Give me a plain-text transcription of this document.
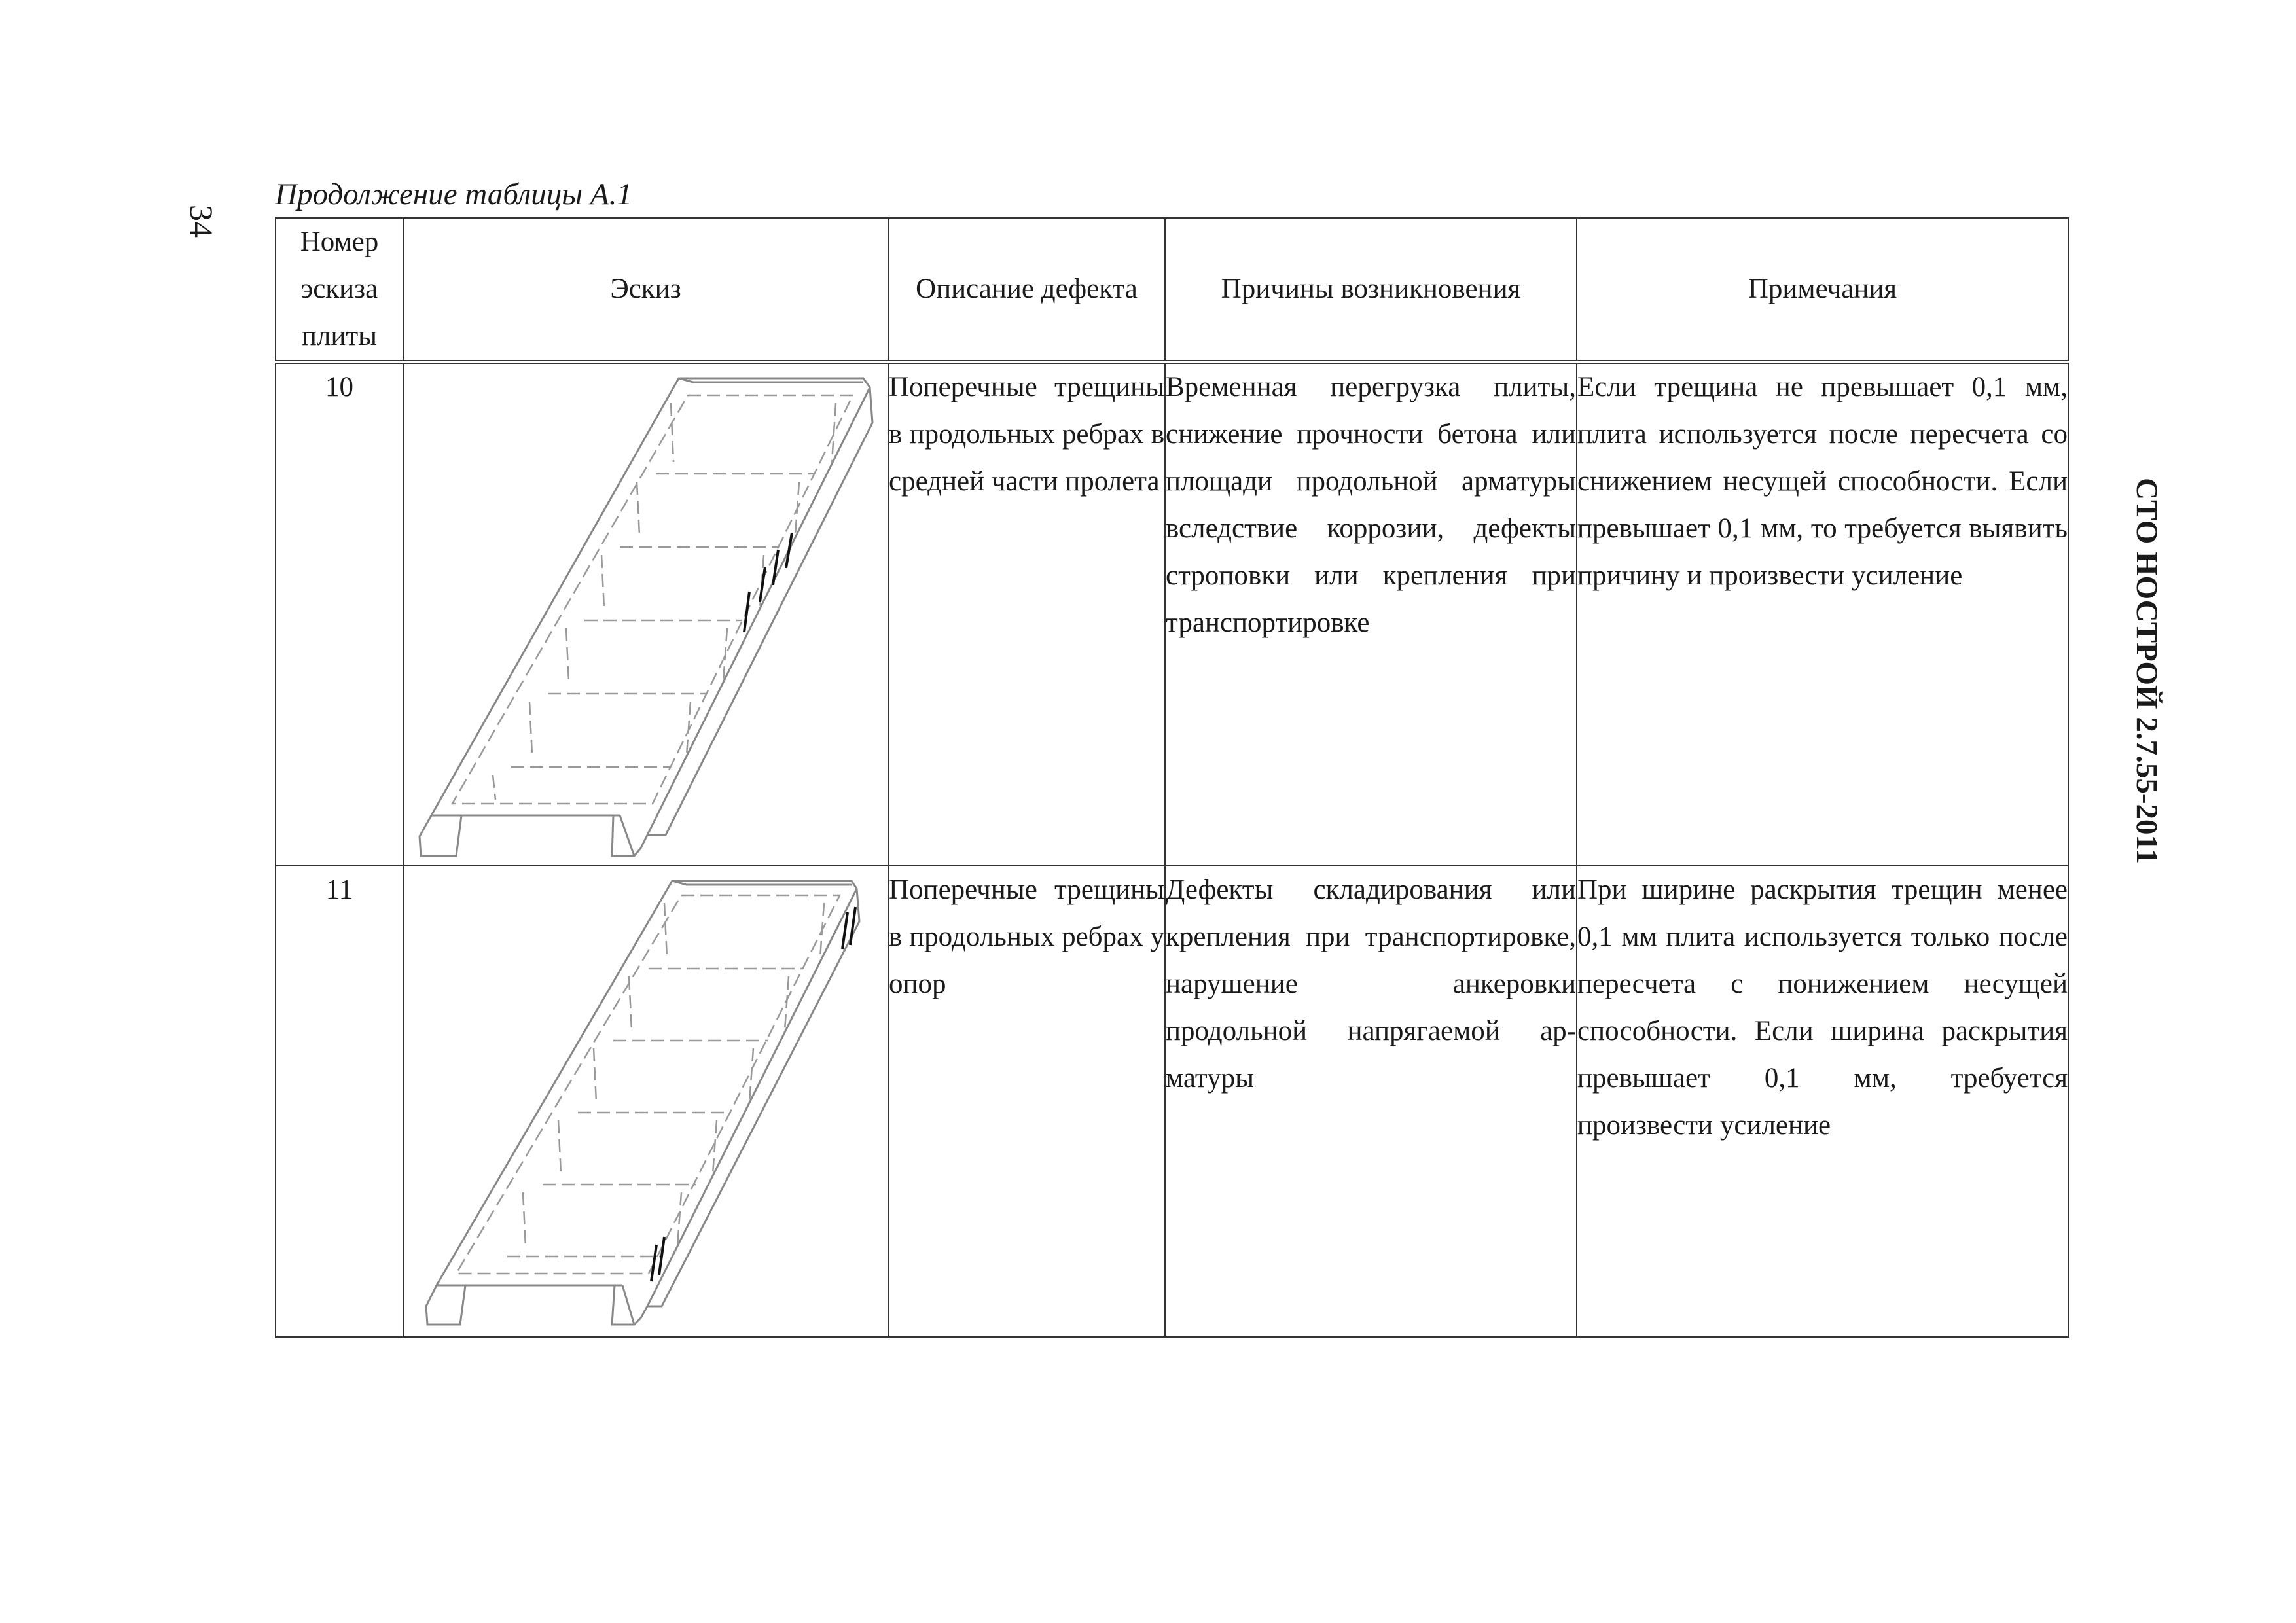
34
СТО НОСТРОЙ 2.7.55-2011
Продолжение таблицы А.1
Номер эскиза плиты	Эскиз	Описание дефекта	Причины возникновения	Примечания
10		Поперечные трещины в продольных ребрах в средней части пролета	Временная перегрузка плиты, снижение прочности бетона или площади продольной арматуры вследствие коррозии, дефекты строповки или крепления при транспортировке	Если трещина не превышает 0,1 мм, плита используется после пересчета со снижением несущей способности. Если превышает 0,1 мм, то требуется выявить причину и произвести усиление
11		Поперечные трещины в продольных ребрах у опор	Дефекты складирования или крепления при транспортировке, нарушение анкеровки продольной напрягаемой арматуры	При ширине раскрытия трещин менее 0,1 мм плита используется только после пересчета с понижением несущей способности. Если ширина раскрытия превышает 0,1 мм, требуется произвести усиление
